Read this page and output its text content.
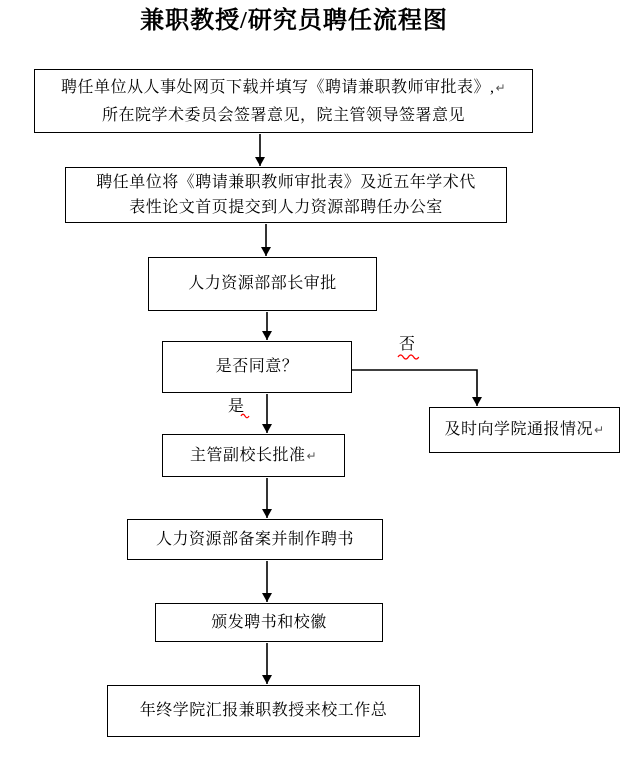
兼职教授/研究员聘任流程图
聘任单位从人事处网页下载并填写《聘请兼职教师审批表》,↵
所在院学术委员会签署意见，院主管领导签署意见
聘任单位将《聘请兼职教师审批表》及近五年学术代
表性论文首页提交到人力资源部聘任办公室
人力资源部部长审批
是否同意？
主管副校长批准↵
人力资源部备案并制作聘书
颁发聘书和校徽
年终学院汇报兼职教授来校工作总
及时向学院通报情况↵
否
是
